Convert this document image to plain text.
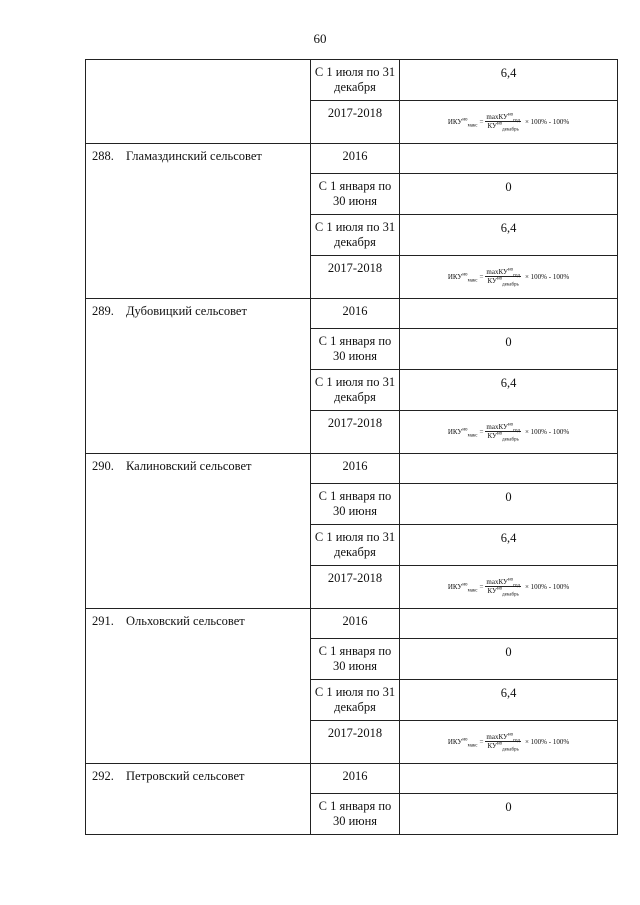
60
	С 1 июля по 31 декабря	6,4
	2017-2018	$ИКУ^{но}_{макс} = \frac{\max КУ^{но}_{год}}{КУ^{но}_{декабрь}} \times 100\% - 100\%$

288. Гламаздинский сельсовет	2016	
	С 1 января по 30 июня	0
	С 1 июля по 31 декабря	6,4
	2017-2018	$ИКУ^{но}_{макс} = \frac{\max КУ^{но}_{год}}{КУ^{но}_{декабрь}} \times 100\% - 100\%$

289. Дубовицкий сельсовет	2016	
	С 1 января по 30 июня	0
	С 1 июля по 31 декабря	6,4
	2017-2018	$ИКУ^{но}_{макс} = \frac{\max КУ^{но}_{год}}{КУ^{но}_{декабрь}} \times 100\% - 100\%$

290. Калиновский сельсовет	2016	
	С 1 января по 30 июня	0
	С 1 июля по 31 декабря	6,4
	2017-2018	$ИКУ^{но}_{макс} = \frac{\max КУ^{но}_{год}}{КУ^{но}_{декабрь}} \times 100\% - 100\%$

291. Ольховский сельсовет	2016	
	С 1 января по 30 июня	0
	С 1 июля по 31 декабря	6,4
	2017-2018	$ИКУ^{но}_{макс} = \frac{\max КУ^{но}_{год}}{КУ^{но}_{декабрь}} \times 100\% - 100\%$

292. Петровский сельсовет	2016	
	С 1 января по 30 июня	0
